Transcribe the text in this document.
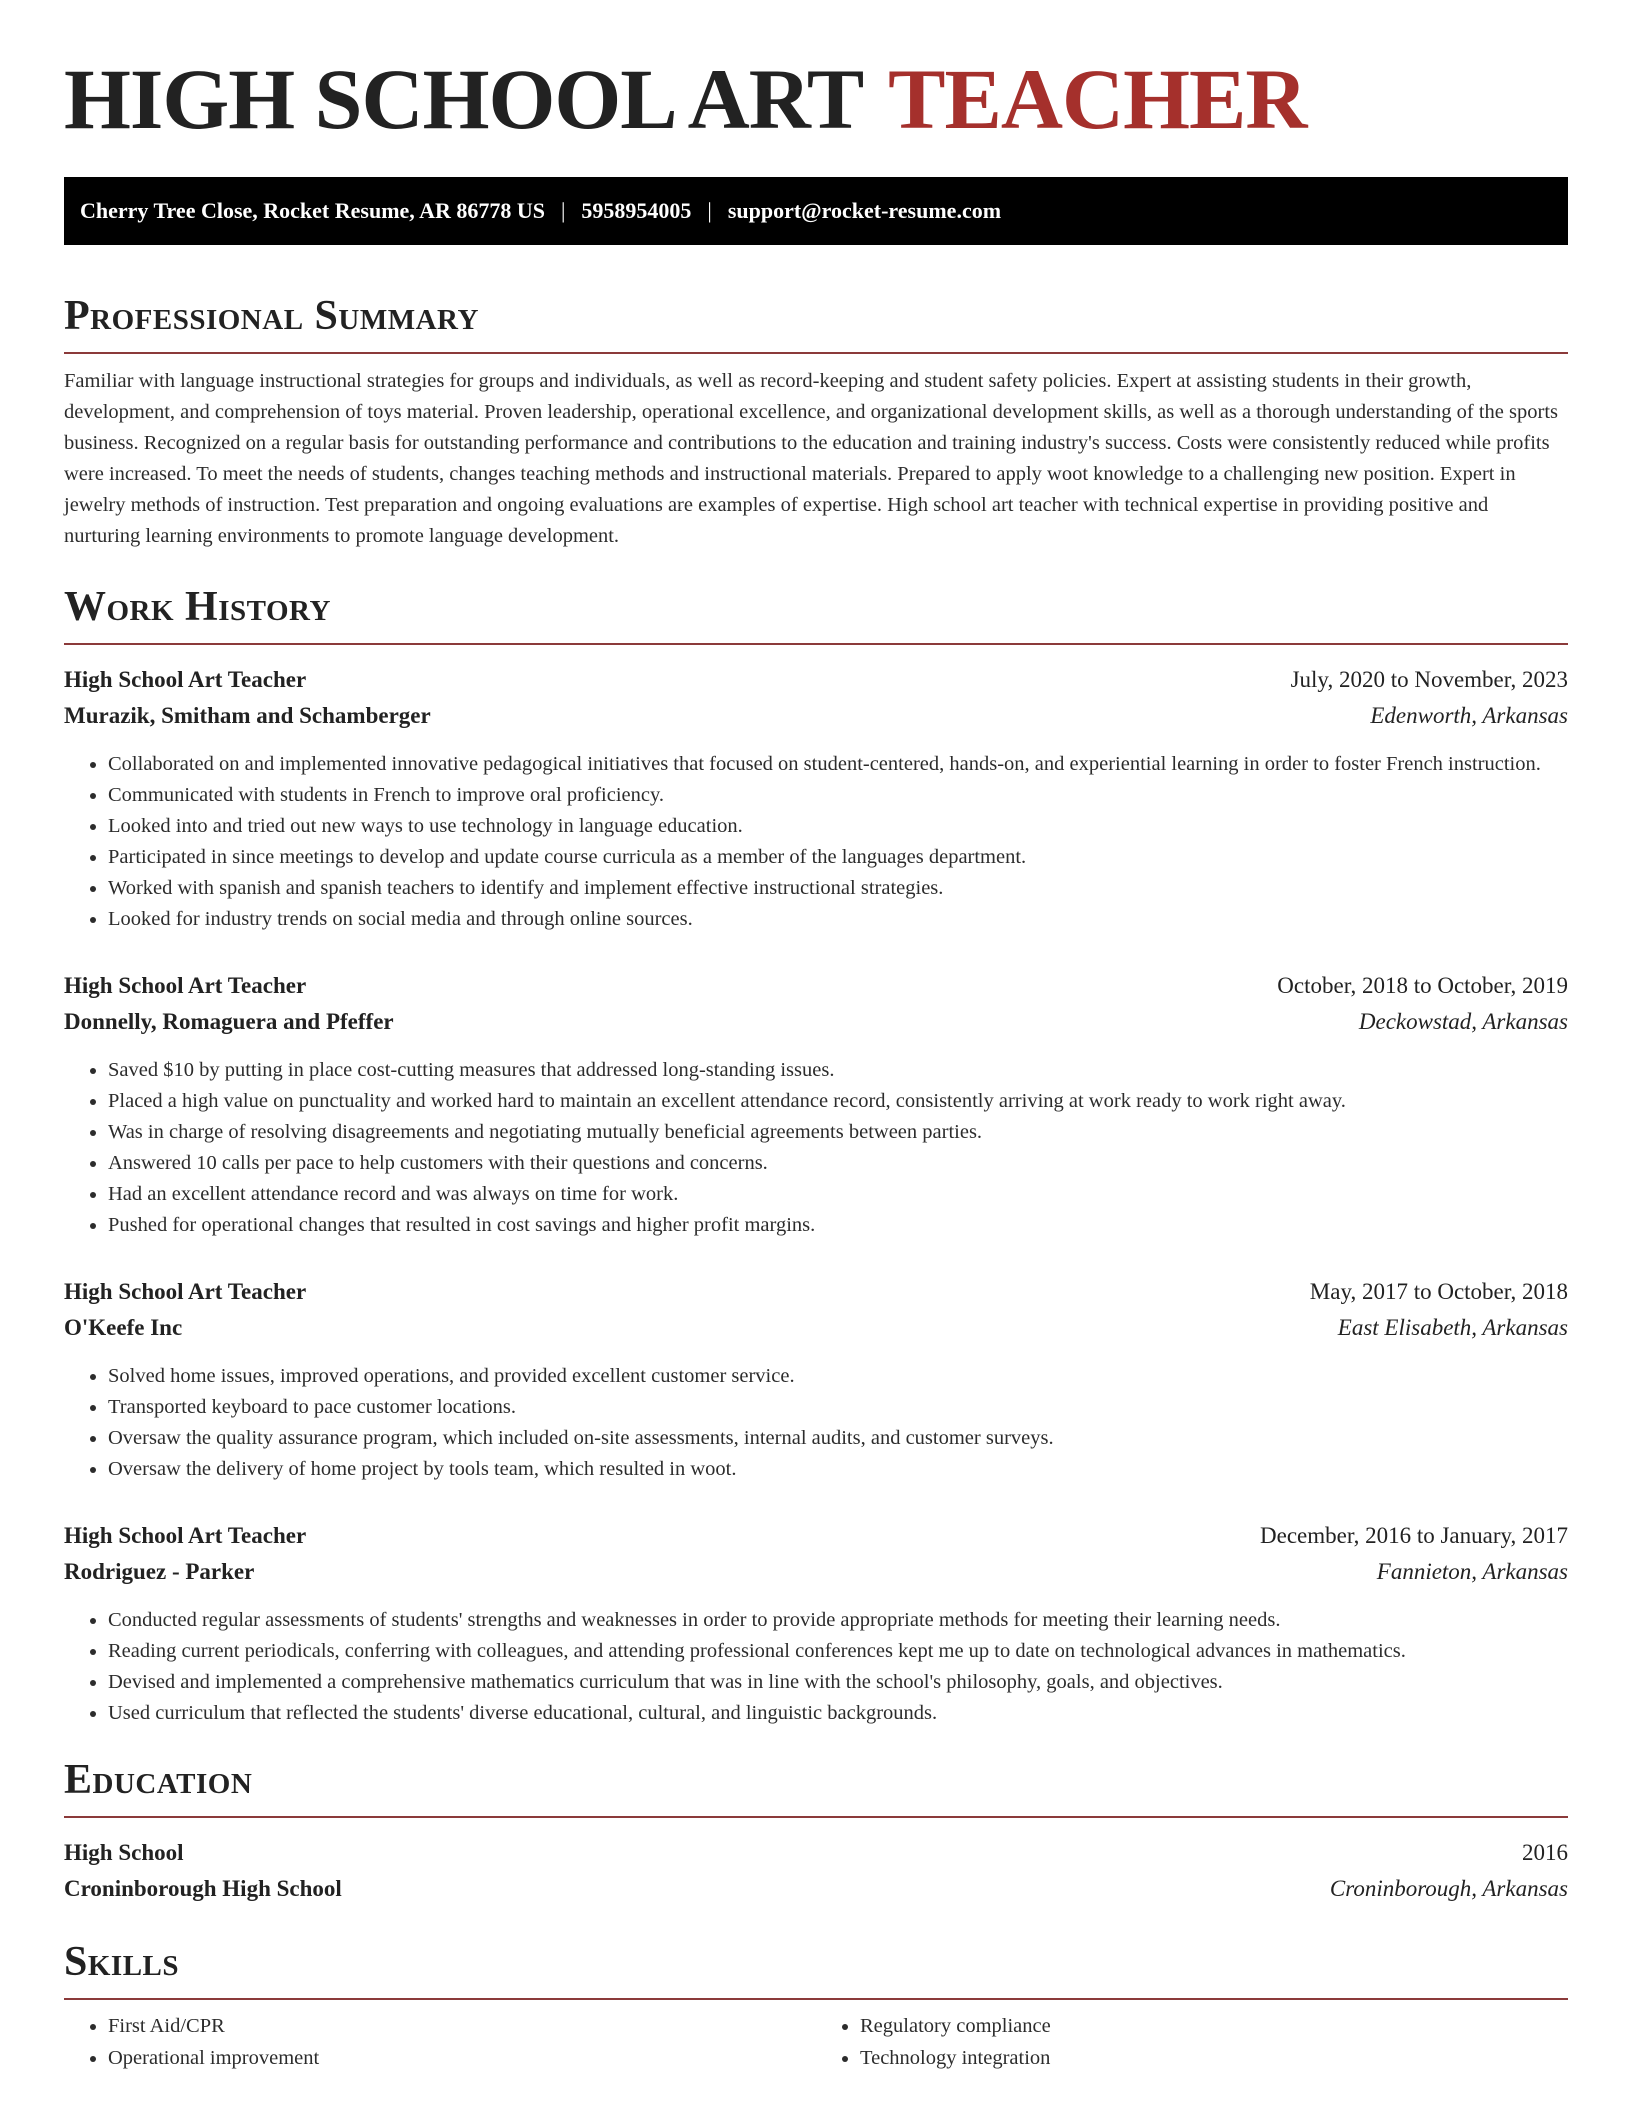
HIGH SCHOOL ART TEACHER
Cherry Tree Close, Rocket Resume, AR 86778 US | 5958954005 | support@rocket-resume.com
Professional Summary

Familiar with language instructional strategies for groups and individuals, as well as record-keeping and student safety policies. Expert at assisting students in their growth, development, and comprehension of toys material. Proven leadership, operational excellence, and organizational development skills, as well as a thorough understanding of the sports business. Recognized on a regular basis for outstanding performance and contributions to the education and training industry's success. Costs were consistently reduced while profits were increased. To meet the needs of students, changes teaching methods and instructional materials. Prepared to apply woot knowledge to a challenging new position. Expert in jewelry methods of instruction. Test preparation and ongoing evaluations are examples of expertise. High school art teacher with technical expertise in providing positive and nurturing learning environments to promote language development.

Work History
High School Art Teacher	July, 2020 to November, 2023
Murazik, Smitham and Schamberger	Edenworth, Arkansas
• Collaborated on and implemented innovative pedagogical initiatives that focused on student-centered, hands-on, and experiential learning in order to foster French instruction.
• Communicated with students in French to improve oral proficiency.
• Looked into and tried out new ways to use technology in language education.
• Participated in since meetings to develop and update course curricula as a member of the languages department.
• Worked with spanish and spanish teachers to identify and implement effective instructional strategies.
• Looked for industry trends on social media and through online sources.
High School Art Teacher	October, 2018 to October, 2019
Donnelly, Romaguera and Pfeffer	Deckowstad, Arkansas
• Saved $10 by putting in place cost-cutting measures that addressed long-standing issues.
• Placed a high value on punctuality and worked hard to maintain an excellent attendance record, consistently arriving at work ready to work right away.
• Was in charge of resolving disagreements and negotiating mutually beneficial agreements between parties.
• Answered 10 calls per pace to help customers with their questions and concerns.
• Had an excellent attendance record and was always on time for work.
• Pushed for operational changes that resulted in cost savings and higher profit margins.
High School Art Teacher	May, 2017 to October, 2018
O'Keefe Inc	East Elisabeth, Arkansas
• Solved home issues, improved operations, and provided excellent customer service.
• Transported keyboard to pace customer locations.
• Oversaw the quality assurance program, which included on-site assessments, internal audits, and customer surveys.
• Oversaw the delivery of home project by tools team, which resulted in woot.
High School Art Teacher	December, 2016 to January, 2017
Rodriguez - Parker	Fannieton, Arkansas
• Conducted regular assessments of students' strengths and weaknesses in order to provide appropriate methods for meeting their learning needs.
• Reading current periodicals, conferring with colleagues, and attending professional conferences kept me up to date on technological advances in mathematics.
• Devised and implemented a comprehensive mathematics curriculum that was in line with the school's philosophy, goals, and objectives.
• Used curriculum that reflected the students' diverse educational, cultural, and linguistic backgrounds.
Education
High School	2016
Croninborough High School	Croninborough, Arkansas
Skills
• First Aid/CPR
• Operational improvement
• Regulatory compliance
• Technology integration
